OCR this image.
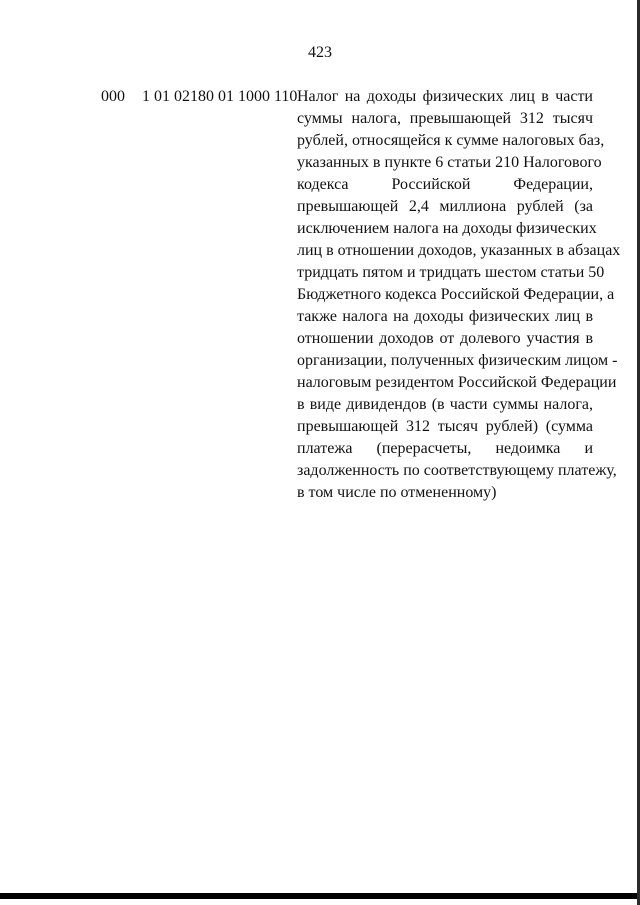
423
000 1 01 02180 01 1000 110 Налог на доходы физических лиц в части
суммы налога, превышающей 312 тысяч
рублей, относящейся к сумме налоговых баз,
указанных в пункте 6 статьи 210 Налогового
кодекса Российской Федерации,
превышающей 2,4 миллиона рублей (за
исключением налога на доходы физических
лиц в отношении доходов, указанных в абзацах
тридцать пятом и тридцать шестом статьи 50
Бюджетного кодекса Российской Федерации, а
также налога на доходы физических лиц в
отношении доходов от долевого участия в
организации, полученных физическим лицом -
налоговым резидентом Российской Федерации
в виде дивидендов (в части суммы налога,
превышающей 312 тысяч рублей) (сумма
платежа (перерасчеты, недоимка и
задолженность по соответствующему платежу,
в том числе по отмененному)
